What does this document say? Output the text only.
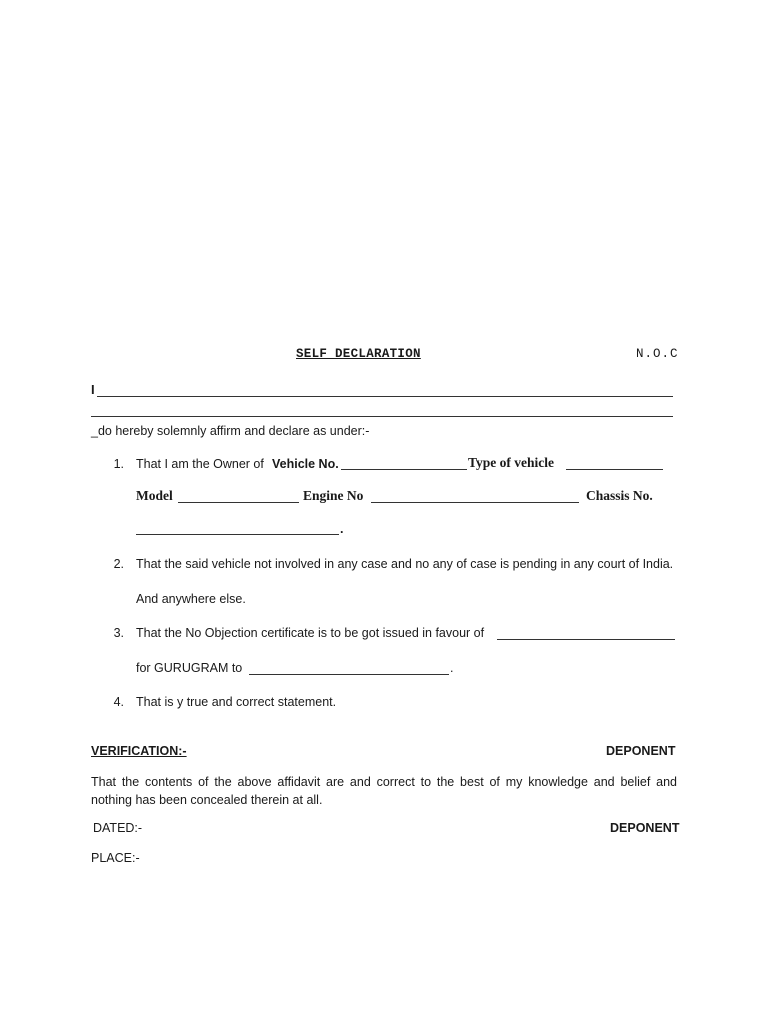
SELF DECLARATION	N.O.C
I
_do hereby solemnly affirm and declare as under:-
1. That I am the Owner of Vehicle No.	Type of vehicle
Model	Engine No	Chassis No.
.
2. That the said vehicle not involved in any case and no any of case is pending in any court of India.
And anywhere else.
3. That the No Objection certificate is to be got issued in favour of
for GURUGRAM to	.
4. That is y true and correct statement.
VERIFICATION:-	DEPONENT
That the contents of the above affidavit are and correct to the best of my knowledge and belief and nothing has been concealed therein at all.
DATED:-	DEPONENT
PLACE:-
